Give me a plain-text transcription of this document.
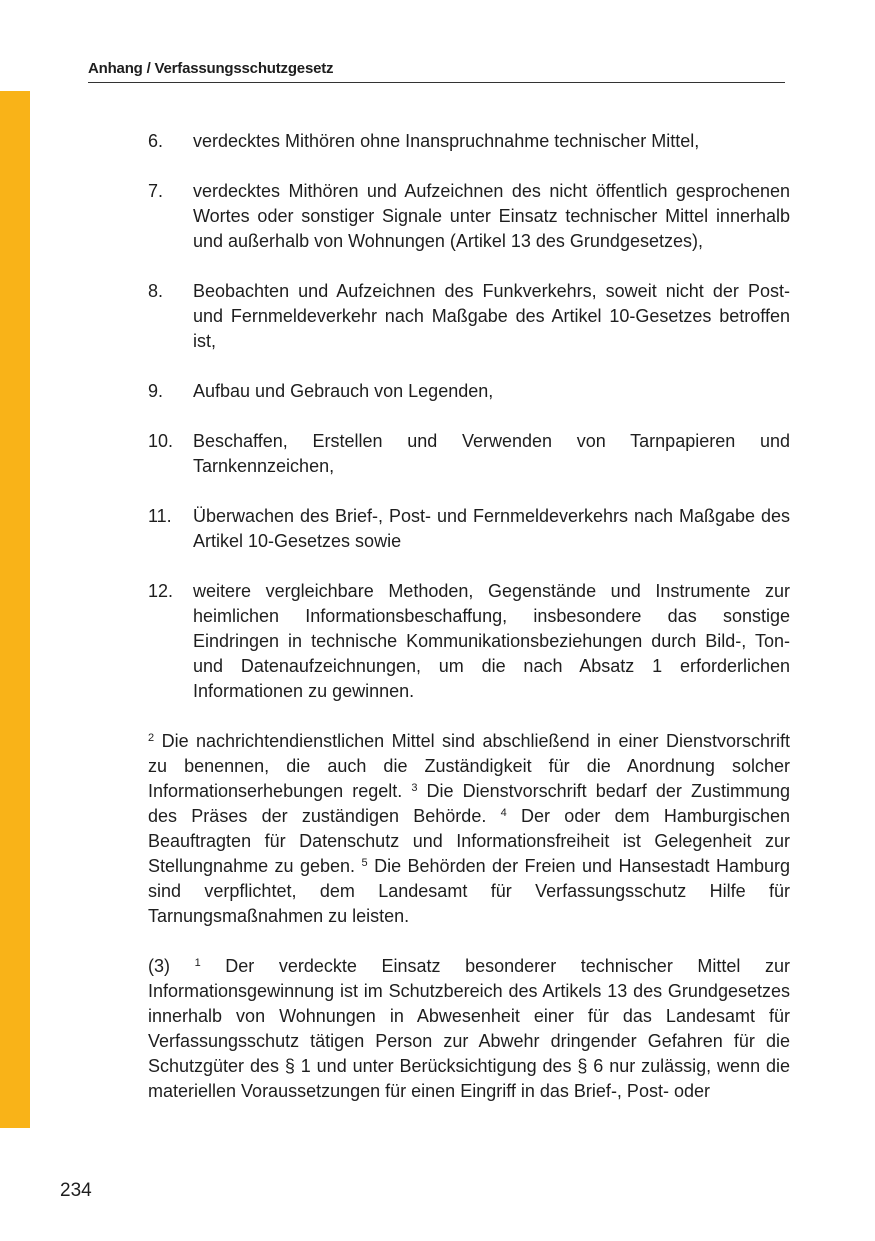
Anhang / Verfassungsschutzgesetz
6. verdecktes Mithören ohne Inanspruchnahme technischer Mittel,
7. verdecktes Mithören und Aufzeichnen des nicht öffentlich gesprochenen Wortes oder sonstiger Signale unter Einsatz technischer Mittel innerhalb und außerhalb von Wohnungen (Artikel 13 des Grundgesetzes),
8. Beobachten und Aufzeichnen des Funkverkehrs, soweit nicht der Post- und Fernmeldeverkehr nach Maßgabe des Artikel 10-Gesetzes betroffen ist,
9. Aufbau und Gebrauch von Legenden,
10. Beschaffen, Erstellen und Verwenden von Tarnpapieren und Tarnkennzeichen,
11. Überwachen des Brief-, Post- und Fernmeldeverkehrs nach Maßgabe des Artikel 10-Gesetzes sowie
12. weitere vergleichbare Methoden, Gegenstände und Instrumente zur heimlichen Informationsbeschaffung, insbesondere das sonstige Eindringen in technische Kommunikationsbeziehungen durch Bild-, Ton- und Datenaufzeichnungen, um die nach Absatz 1 erforderlichen Informationen zu gewinnen.

$^2$ Die nachrichtendienstlichen Mittel sind abschließend in einer Dienstvorschrift zu benennen, die auch die Zuständigkeit für die Anordnung solcher Informationserhebungen regelt. $^3$ Die Dienstvorschrift bedarf der Zustimmung des Präses der zuständigen Behörde. $^4$ Der oder dem Hamburgischen Beauftragten für Datenschutz und Informationsfreiheit ist Gelegenheit zur Stellungnahme zu geben. $^5$ Die Behörden der Freien und Hansestadt Hamburg sind verpflichtet, dem Landesamt für Verfassungsschutz Hilfe für Tarnungsmaßnahmen zu leisten.

(3) $^1$ Der verdeckte Einsatz besonderer technischer Mittel zur Informationsgewinnung ist im Schutzbereich des Artikels 13 des Grundgesetzes innerhalb von Wohnungen in Abwesenheit einer für das Landesamt für Verfassungsschutz tätigen Person zur Abwehr dringender Gefahren für die Schutzgüter des § 1 und unter Berücksichtigung des § 6 nur zulässig, wenn die materiellen Voraussetzungen für einen Eingriff in das Brief-, Post- oder

234
